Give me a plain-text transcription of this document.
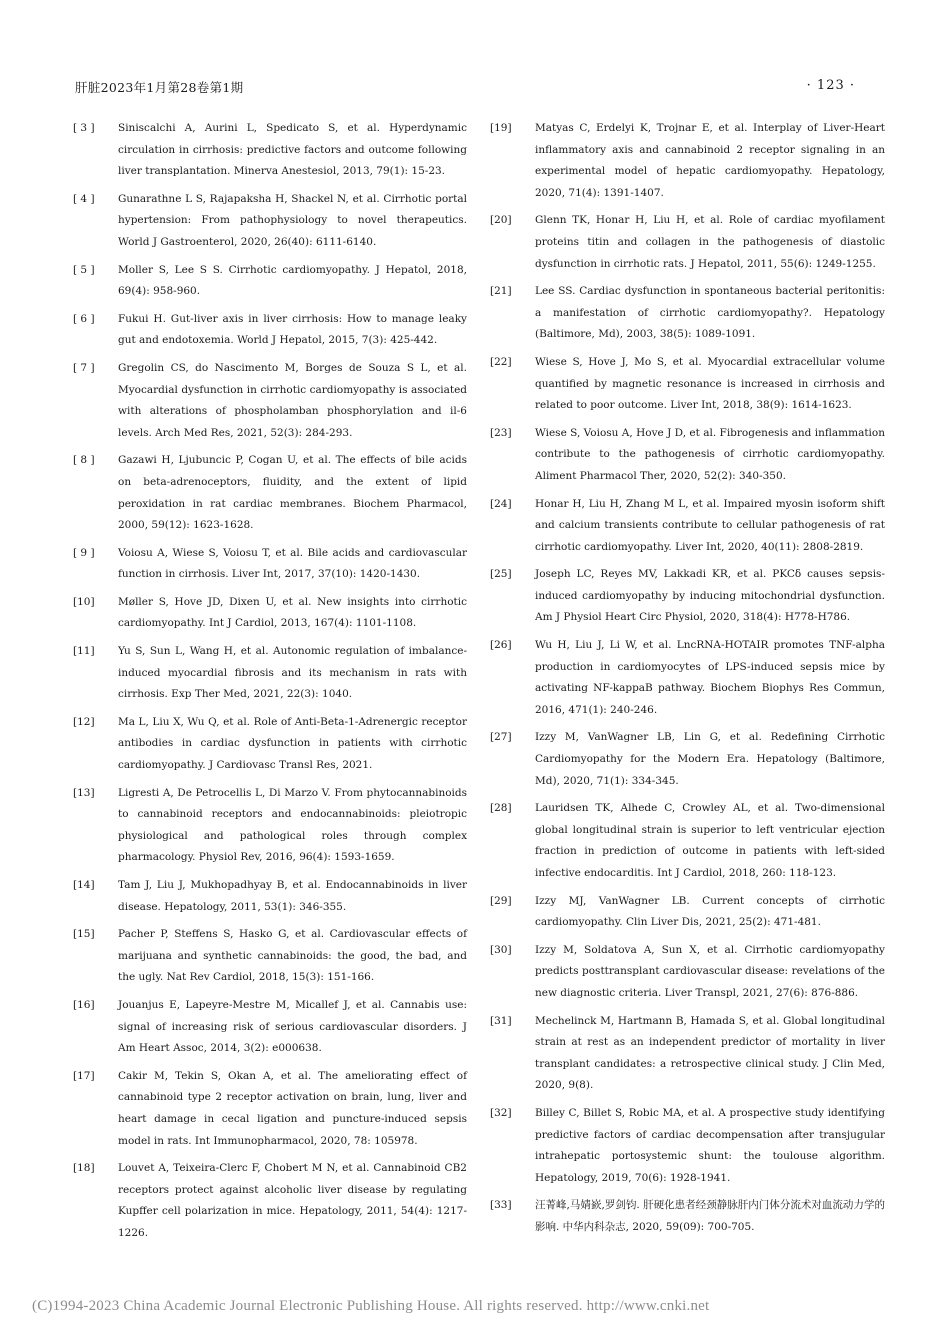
肝脏2023年1月第28卷第1期	· 123 ·
[ 3 ]	Siniscalchi A, Aurini L, Spedicato S, et al. Hyperdynamic circulation in cirrhosis: predictive factors and outcome following liver transplantation. Minerva Anestesiol, 2013, 79(1): 15-23.
[ 4 ]	Gunarathne L S, Rajapaksha H, Shackel N, et al. Cirrhotic portal hypertension: From pathophysiology to novel therapeutics. World J Gastroenterol, 2020, 26(40): 6111-6140.
[ 5 ]	Moller S, Lee S S. Cirrhotic cardiomyopathy. J Hepatol, 2018, 69(4): 958-960.
[ 6 ]	Fukui H. Gut-liver axis in liver cirrhosis: How to manage leaky gut and endotoxemia. World J Hepatol, 2015, 7(3): 425-442.
[ 7 ]	Gregolin CS, do Nascimento M, Borges de Souza S L, et al. Myocardial dysfunction in cirrhotic cardiomyopathy is associated with alterations of phospholamban phosphorylation and il-6 levels. Arch Med Res, 2021, 52(3): 284-293.
[ 8 ]	Gazawi H, Ljubuncic P, Cogan U, et al. The effects of bile acids on beta-adrenoceptors, fluidity, and the extent of lipid peroxidation in rat cardiac membranes. Biochem Pharmacol, 2000, 59(12): 1623-1628.
[ 9 ]	Voiosu A, Wiese S, Voiosu T, et al. Bile acids and cardiovascular function in cirrhosis. Liver Int, 2017, 37(10): 1420-1430.
[10]	Møller S, Hove JD, Dixen U, et al. New insights into cirrhotic cardiomyopathy. Int J Cardiol, 2013, 167(4): 1101-1108.
[11]	Yu S, Sun L, Wang H, et al. Autonomic regulation of imbalance-induced myocardial fibrosis and its mechanism in rats with cirrhosis. Exp Ther Med, 2021, 22(3): 1040.
[12]	Ma L, Liu X, Wu Q, et al. Role of Anti-Beta-1-Adrenergic receptor antibodies in cardiac dysfunction in patients with cirrhotic cardiomyopathy. J Cardiovasc Transl Res, 2021.
[13]	Ligresti A, De Petrocellis L, Di Marzo V. From phytocannabinoids to cannabinoid receptors and endocannabinoids: pleiotropic physiological and pathological roles through complex pharmacology. Physiol Rev, 2016, 96(4): 1593-1659.
[14]	Tam J, Liu J, Mukhopadhyay B, et al. Endocannabinoids in liver disease. Hepatology, 2011, 53(1): 346-355.
[15]	Pacher P, Steffens S, Hasko G, et al. Cardiovascular effects of marijuana and synthetic cannabinoids: the good, the bad, and the ugly. Nat Rev Cardiol, 2018, 15(3): 151-166.
[16]	Jouanjus E, Lapeyre-Mestre M, Micallef J, et al. Cannabis use: signal of increasing risk of serious cardiovascular disorders. J Am Heart Assoc, 2014, 3(2): e000638.
[17]	Cakir M, Tekin S, Okan A, et al. The ameliorating effect of cannabinoid type 2 receptor activation on brain, lung, liver and heart damage in cecal ligation and puncture-induced sepsis model in rats. Int Immunopharmacol, 2020, 78: 105978.
[18]	Louvet A, Teixeira-Clerc F, Chobert M N, et al. Cannabinoid CB2 receptors protect against alcoholic liver disease by regulating Kupffer cell polarization in mice. Hepatology, 2011, 54(4): 1217-1226.
[19]	Matyas C, Erdelyi K, Trojnar E, et al. Interplay of Liver-Heart inflammatory axis and cannabinoid 2 receptor signaling in an experimental model of hepatic cardiomyopathy. Hepatology, 2020, 71(4): 1391-1407.
[20]	Glenn TK, Honar H, Liu H, et al. Role of cardiac myofilament proteins titin and collagen in the pathogenesis of diastolic dysfunction in cirrhotic rats. J Hepatol, 2011, 55(6): 1249-1255.
[21]	Lee SS. Cardiac dysfunction in spontaneous bacterial peritonitis: a manifestation of cirrhotic cardiomyopathy?. Hepatology (Baltimore, Md), 2003, 38(5): 1089-1091.
[22]	Wiese S, Hove J, Mo S, et al. Myocardial extracellular volume quantified by magnetic resonance is increased in cirrhosis and related to poor outcome. Liver Int, 2018, 38(9): 1614-1623.
[23]	Wiese S, Voiosu A, Hove J D, et al. Fibrogenesis and inflammation contribute to the pathogenesis of cirrhotic cardiomyopathy. Aliment Pharmacol Ther, 2020, 52(2): 340-350.
[24]	Honar H, Liu H, Zhang M L, et al. Impaired myosin isoform shift and calcium transients contribute to cellular pathogenesis of rat cirrhotic cardiomyopathy. Liver Int, 2020, 40(11): 2808-2819.
[25]	Joseph LC, Reyes MV, Lakkadi KR, et al. PKCδ causes sepsis-induced cardiomyopathy by inducing mitochondrial dysfunction. Am J Physiol Heart Circ Physiol, 2020, 318(4): H778-H786.
[26]	Wu H, Liu J, Li W, et al. LncRNA-HOTAIR promotes TNF-alpha production in cardiomyocytes of LPS-induced sepsis mice by activating NF-kappaB pathway. Biochem Biophys Res Commun, 2016, 471(1): 240-246.
[27]	Izzy M, VanWagner LB, Lin G, et al. Redefining Cirrhotic Cardiomyopathy for the Modern Era. Hepatology (Baltimore, Md), 2020, 71(1): 334-345.
[28]	Lauridsen TK, Alhede C, Crowley AL, et al. Two-dimensional global longitudinal strain is superior to left ventricular ejection fraction in prediction of outcome in patients with left-sided infective endocarditis. Int J Cardiol, 2018, 260: 118-123.
[29]	Izzy MJ, VanWagner LB. Current concepts of cirrhotic cardiomyopathy. Clin Liver Dis, 2021, 25(2): 471-481.
[30]	Izzy M, Soldatova A, Sun X, et al. Cirrhotic cardiomyopathy predicts posttransplant cardiovascular disease: revelations of the new diagnostic criteria. Liver Transpl, 2021, 27(6): 876-886.
[31]	Mechelinck M, Hartmann B, Hamada S, et al. Global longitudinal strain at rest as an independent predictor of mortality in liver transplant candidates: a retrospective clinical study. J Clin Med, 2020, 9(8).
[32]	Billey C, Billet S, Robic MA, et al. A prospective study identifying predictive factors of cardiac decompensation after transjugular intrahepatic portosystemic shunt: the toulouse algorithm. Hepatology, 2019, 70(6): 1928-1941.
[33]	汪菁峰,马婧嶔,罗剑钧. 肝硬化患者经颈静脉肝内门体分流术对血流动力学的影响. 中华内科杂志, 2020, 59(09): 700-705.
(C)1994-2023 China Academic Journal Electronic Publishing House. All rights reserved. http://www.cnki.net
